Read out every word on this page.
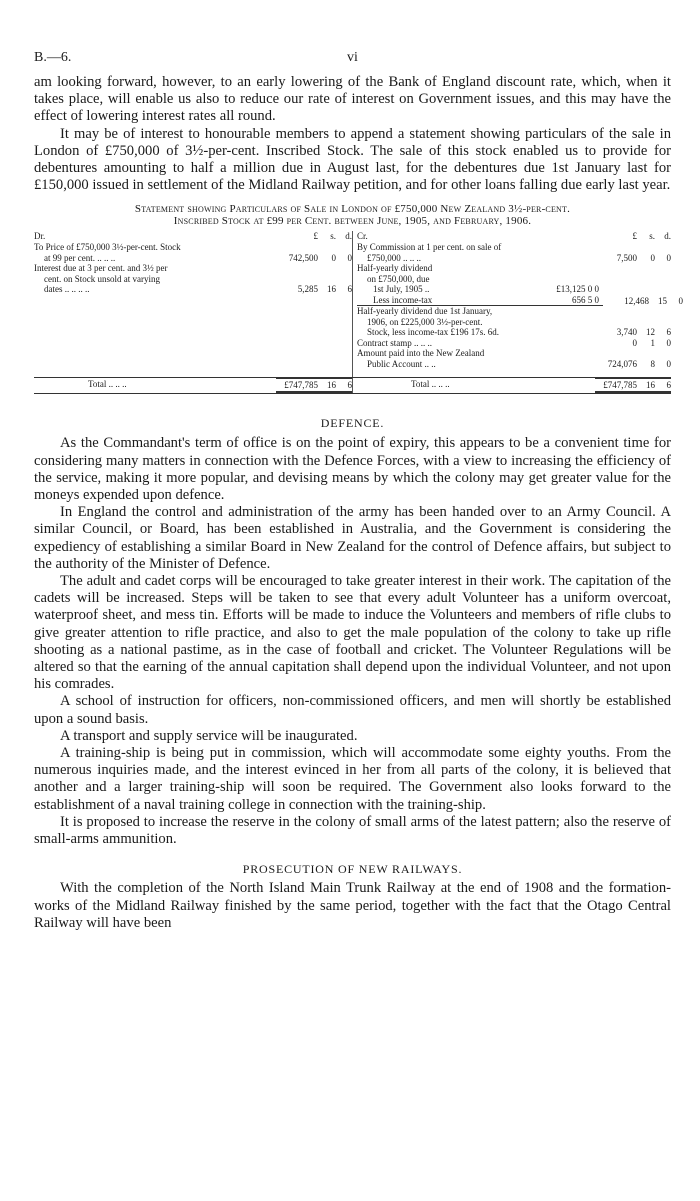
B.—6.	vi

am looking forward, however, to an early lowering of the Bank of England discount rate, which, when it takes place, will enable us also to reduce our rate of interest on Government issues, and this may have the effect of lowering interest rates all round.

It may be of interest to honourable members to append a statement showing particulars of the sale in London of £750,000 of 3½-per-cent. Inscribed Stock. The sale of this stock enabled us to provide for debentures amounting to half a million due in August last, for the debentures due 1st January last for £150,000 issued in settlement of the Midland Railway petition, and for other loans falling due early last year.

Statement showing Particulars of Sale in London of £750,000 New Zealand 3½-per-cent.
Inscribed Stock at £99 per Cent. between June, 1905, and February, 1906.
Dr.	£	s.	d.
To Price of £750,000 3½-per-cent. Stock
at 99 per cent. .. .. ..	742,500	0	0
Interest due at 3 per cent. and 3½ per
cent. on Stock unsold at varying
dates .. .. .. ..	5,285	16	6
Cr.	£	s.	d.
By Commission at 1 per cent. on sale of
£750,000 .. .. ..	7,500	0	0
Half-yearly dividend
on £750,000, due
1st July, 1905 ..	£13,125 0 0
Less income-tax	656 5 0	12,468	15	0
Half-yearly dividend due 1st January,
1906, on £225,000 3½-per-cent.
Stock, less income-tax £196 17s. 6d.	3,740	12	6
Contract stamp .. .. ..	0	1	0
Amount paid into the New Zealand
Public Account .. ..	724,076	8	0
Total .. .. ..	£747,785	16	6	Total .. .. ..	£747,785	16	6
DEFENCE.

As the Commandant's term of office is on the point of expiry, this appears to be a convenient time for considering many matters in connection with the Defence Forces, with a view to increasing the efficiency of the service, making it more popular, and devising means by which the colony may get greater value for the moneys expended upon defence.

In England the control and administration of the army has been handed over to an Army Council. A similar Council, or Board, has been established in Australia, and the Government is considering the expediency of establishing a similar Board in New Zealand for the control of Defence affairs, but subject to the authority of the Minister of Defence.

The adult and cadet corps will be encouraged to take greater interest in their work. The capitation of the cadets will be increased. Steps will be taken to see that every adult Volunteer has a uniform overcoat, waterproof sheet, and mess tin. Efforts will be made to induce the Volunteers and members of rifle clubs to give greater attention to rifle practice, and also to get the male population of the colony to take up rifle shooting as a national pastime, as in the case of football and cricket. The Volunteer Regulations will be altered so that the earning of the annual capitation shall depend upon the individual Volunteer, and not upon his comrades.

A school of instruction for officers, non-commissioned officers, and men will shortly be established upon a sound basis.

A transport and supply service will be inaugurated.

A training-ship is being put in commission, which will accommodate some eighty youths. From the numerous inquiries made, and the interest evinced in her from all parts of the colony, it is believed that another and a larger training-ship will soon be required. The Government also looks forward to the establishment of a naval training college in connection with the training-ship.

It is proposed to increase the reserve in the colony of small arms of the latest pattern; also the reserve of small-arms ammunition.

PROSECUTION OF NEW RAILWAYS.

With the completion of the North Island Main Trunk Railway at the end of 1908 and the formation-works of the Midland Railway finished by the same period, together with the fact that the Otago Central Railway will have been
